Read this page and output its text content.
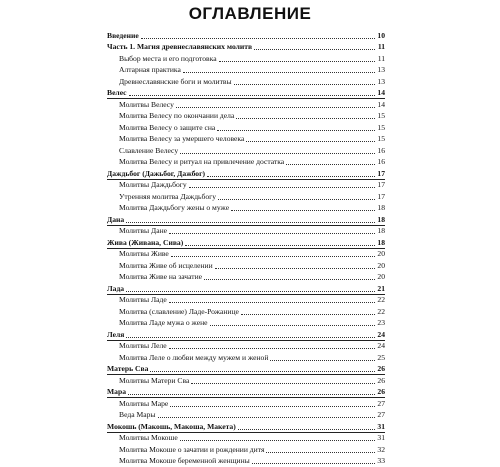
ОГЛАВЛЕНИЕ
Введение	10
Часть 1. Магия древнеславянских молитв	11
Выбор места и его подготовка	11
Алтарная практика	13
Древнеславянские боги и молитвы	13
Велес	14
Молитвы Велесу	14
Молитва Велесу по окончании дела	15
Молитва Велесу о защите сна	15
Молитва Велесу за умершего человека	15
Славление Велесу	16
Молитва Велесу и ритуал на привлечение достатка	16
Даждьбог (Дажьбог, Дажбог)	17
Молитвы Даждьбогу	17
Утренняя молитва Даждьбогу	17
Молитва Даждьбогу жены о муже	18
Дана	18
Молитвы Дане	18
Жива (Живана, Сива)	18
Молитвы Живе	20
Молитва Живе об исцелении	20
Молитва Живе на зачатие	20
Лада	21
Молитвы Ладе	22
Молитва (славление) Ладе-Рожанице	22
Молитва Ладе мужа о жене	23
Леля	24
Молитвы Леле	24
Молитва Леле о любви между мужем и женой	25
Матерь Сва	26
Молитвы Матери Сва	26
Мара	26
Молитвы Маре	27
Веда Мары	27
Мокошь (Макошь, Макоша, Макета)	31
Молитвы Мокоше	31
Молитва Мокоше о зачатии и рождении дитя	32
Молитва Мокоше беременной женщины	33
